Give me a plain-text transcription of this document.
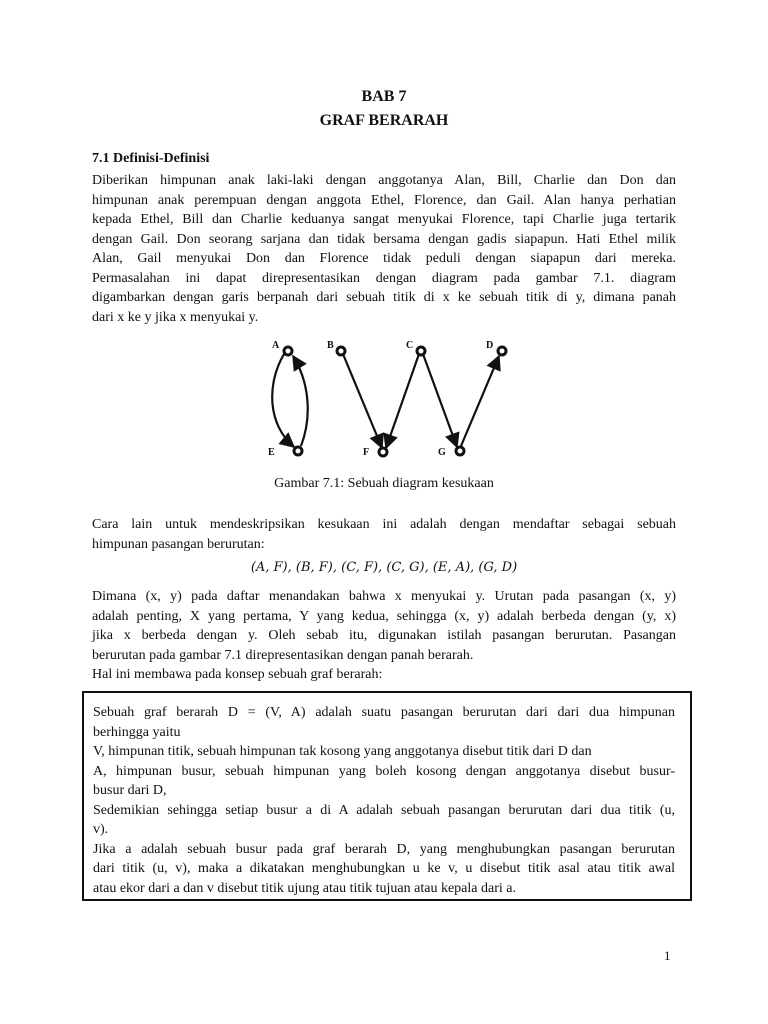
BAB 7
GRAF BERARAH
7.1 Definisi-Definisi
Diberikan himpunan anak laki-laki dengan anggotanya Alan, Bill, Charlie dan Don dan
himpunan anak perempuan dengan anggota Ethel, Florence, dan Gail. Alan hanya perhatian
kepada Ethel, Bill dan Charlie keduanya sangat menyukai Florence, tapi Charlie juga tertarik
dengan Gail. Don seorang sarjana dan tidak bersama dengan gadis siapapun. Hati Ethel milik
Alan, Gail menyukai Don dan Florence tidak peduli dengan siapapun dari mereka.
Permasalahan ini dapat direpresentasikan dengan diagram pada gambar 7.1. diagram
digambarkan dengan garis berpanah dari sebuah titik di x ke sebuah titik di y, dimana panah
dari x ke y jika x menyukai y.
A	B	C	D
E	F	G
Gambar 7.1: Sebuah diagram kesukaan
Cara lain untuk mendeskripsikan kesukaan ini adalah dengan mendaftar sebagai sebuah
himpunan pasangan berurutan:
(A, F), (B, F), (C, F), (C, G), (E, A), (G, D)
Dimana (x, y) pada daftar menandakan bahwa x menyukai y. Urutan pada pasangan (x, y)
adalah penting, X yang pertama, Y yang kedua, sehingga (x, y) adalah berbeda dengan (y, x)
jika x berbeda dengan y. Oleh sebab itu, digunakan istilah pasangan berurutan. Pasangan
berurutan pada gambar 7.1 direpresentasikan dengan panah berarah.
Hal ini membawa pada konsep sebuah graf berarah:
Sebuah graf berarah D = (V, A) adalah suatu pasangan berurutan dari dari dua himpunan
berhingga yaitu
V, himpunan titik, sebuah himpunan tak kosong yang anggotanya disebut titik dari D dan
A, himpunan busur, sebuah himpunan yang boleh kosong dengan anggotanya disebut busur-
busur dari D,
Sedemikian sehingga setiap busur a di A adalah sebuah pasangan berurutan dari dua titik (u,
v).
Jika a adalah sebuah busur pada graf berarah D, yang menghubungkan pasangan berurutan
dari titik (u, v), maka a dikatakan menghubungkan u ke v, u disebut titik asal atau titik awal
atau ekor dari a dan v disebut titik ujung atau titik tujuan atau kepala dari a.
1
